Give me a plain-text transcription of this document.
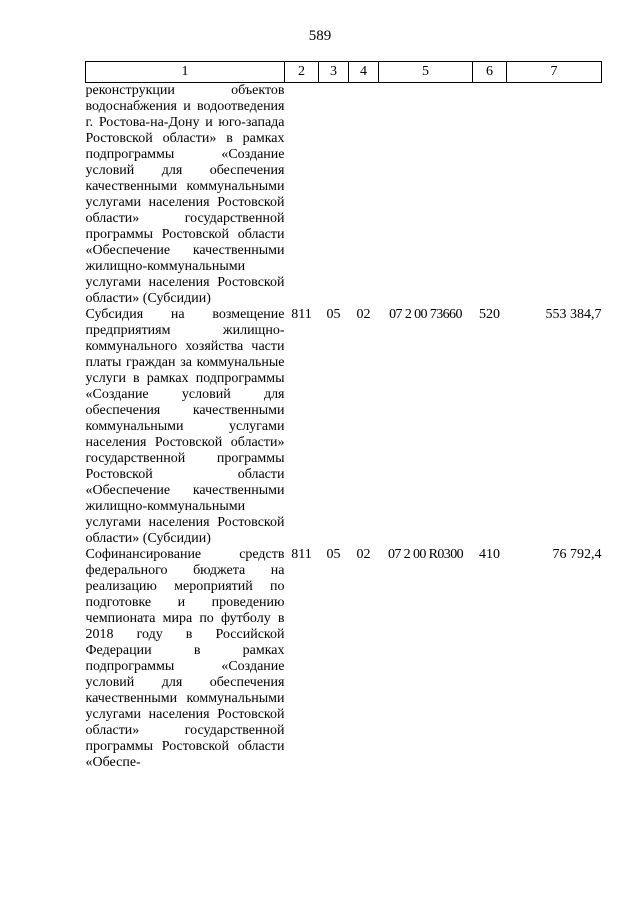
589
1	2	3	4	5	6	7
реконструкции объектов водоснабжения и водоотведения г. Ростова-на-Дону и юго-запада Ростовской области» в рамках подпрограммы «Создание условий для обеспечения качественными коммунальными услугами населения Ростовской области» государственной программы Ростовской области «Обеспечение качественными жилищно-коммунальными услугами населения Ростовской области» (Субсидии)						
Субсидия на возмещение предприятиям жилищно-коммунального хозяйства части платы граждан за коммунальные услуги в рамках подпрограммы «Создание условий для обеспечения качественными коммунальными услугами населения Ростовской области» государственной программы Ростовской области «Обеспечение качественными жилищно-коммунальными услугами населения Ростовской области» (Субсидии)	811	05	02	07 2 00 73660	520	553 384,7
Софинансирование средств федерального бюджета на реализацию мероприятий по подготовке и проведению чемпионата мира по футболу в 2018 году в Российской Федерации в рамках подпрограммы «Создание условий для обеспечения качественными коммунальными услугами населения Ростовской области» государственной программы Ростовской области «Обеспе-	811	05	02	07 2 00 R0300	410	76 792,4
